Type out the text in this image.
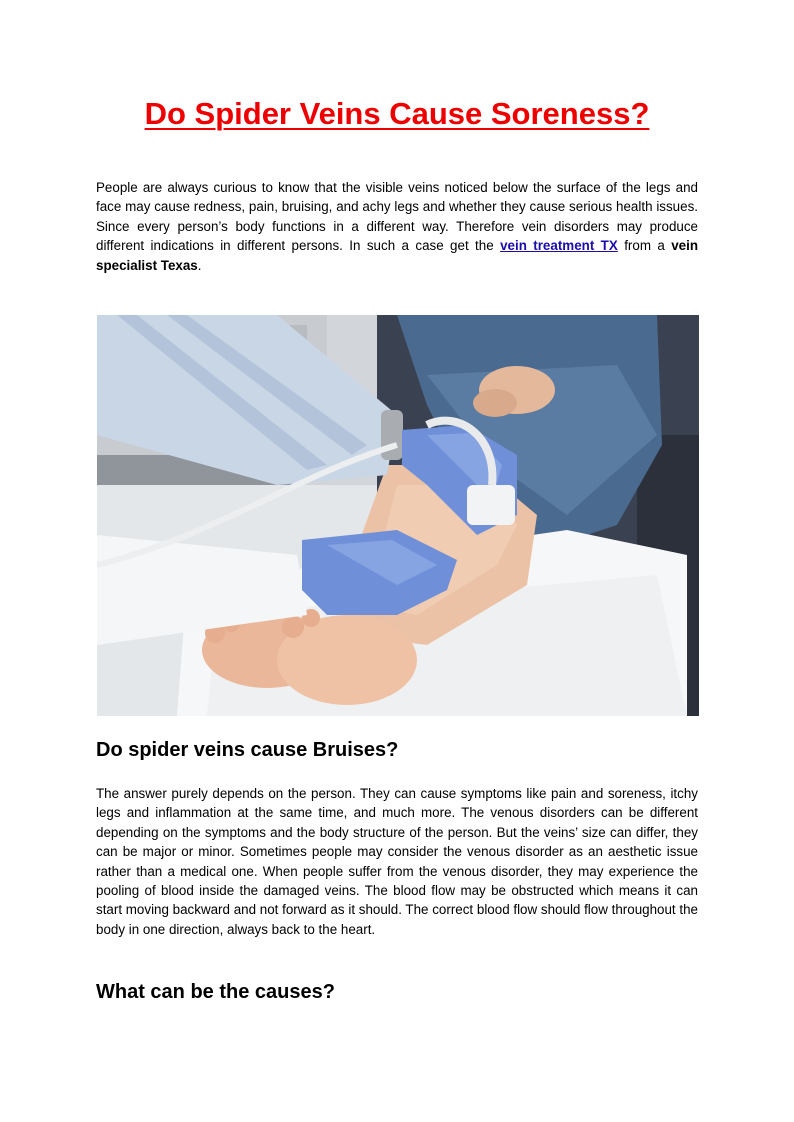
Do Spider Veins Cause Soreness?

People are always curious to know that the visible veins noticed below the surface of the legs and face may cause redness, pain, bruising, and achy legs and whether they cause serious health issues. Since every person’s body functions in a different way. Therefore vein disorders may produce different indications in different persons. In such a case get the vein treatment TX from a vein specialist Texas.

Do spider veins cause Bruises?

The answer purely depends on the person. They can cause symptoms like pain and soreness, itchy legs and inflammation at the same time, and much more. The venous disorders can be different depending on the symptoms and the body structure of the person. But the veins’ size can differ, they can be major or minor. Sometimes people may consider the venous disorder as an aesthetic issue rather than a medical one. When people suffer from the venous disorder, they may experience the pooling of blood inside the damaged veins. The blood flow may be obstructed which means it can start moving backward and not forward as it should. The correct blood flow should flow throughout the body in one direction, always back to the heart.

What can be the causes?
